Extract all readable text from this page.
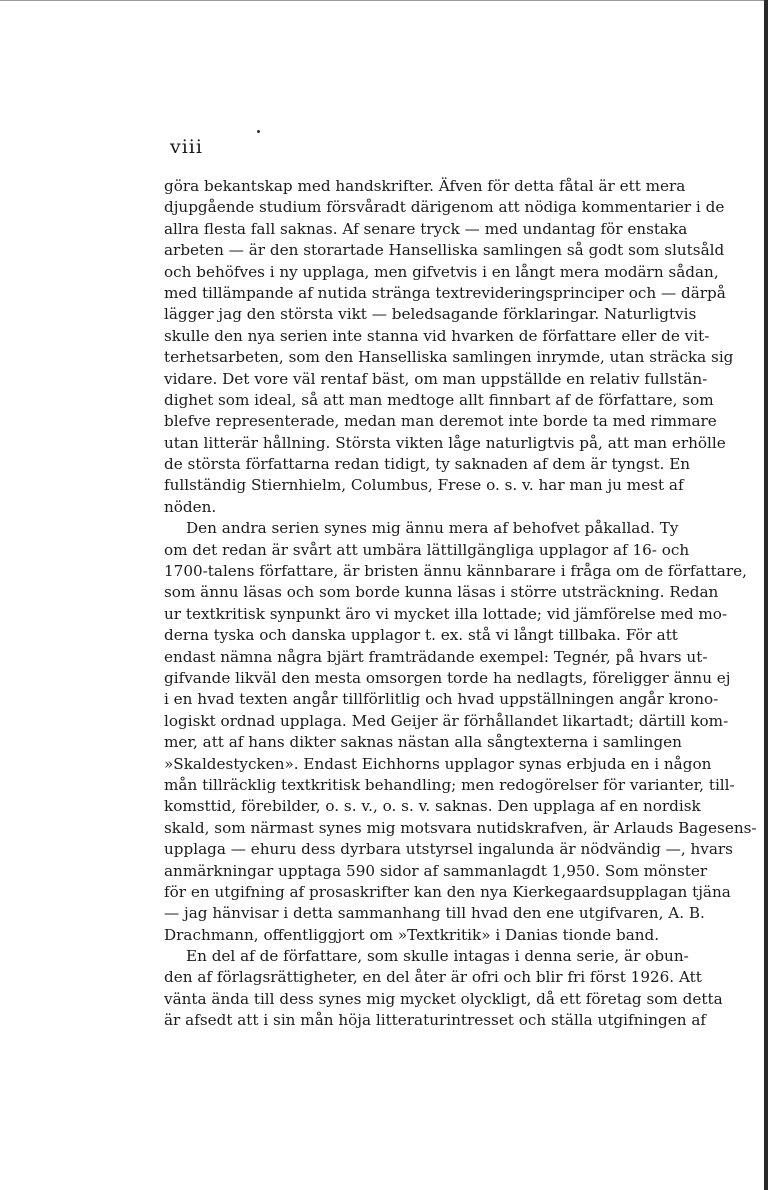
viii
göra bekantskap med handskrifter. Äfven för detta fåtal är ett mera
djupgående studium försvåradt därigenom att nödiga kommentarier i de
allra flesta fall saknas. Af senare tryck — med undantag för enstaka
arbeten — är den storartade Hanselliska samlingen så godt som slutsåld
och behöfves i ny upplaga, men gifvetvis i en långt mera modärn sådan,
med tillämpande af nutida stränga textrevideringsprinciper och — därpå
lägger jag den största vikt — beledsagande förklaringar. Naturligtvis
skulle den nya serien inte stanna vid hvarken de författare eller de vit-
terhetsarbeten, som den Hanselliska samlingen inrymde, utan sträcka sig
vidare. Det vore väl rentaf bäst, om man uppställde en relativ fullstän-
dighet som ideal, så att man medtoge allt finnbart af de författare, som
blefve representerade, medan man deremot inte borde ta med rimmare
utan litterär hållning. Största vikten låge naturligtvis på, att man erhölle
de största författarna redan tidigt, ty saknaden af dem är tyngst. En
fullständig Stiernhielm, Columbus, Frese o. s. v. har man ju mest af
nöden.
Den andra serien synes mig ännu mera af behofvet påkallad. Ty
om det redan är svårt att umbära lättillgängliga upplagor af 16- och
1700-talens författare, är bristen ännu kännbarare i fråga om de författare,
som ännu läsas och som borde kunna läsas i större utsträckning. Redan
ur textkritisk synpunkt äro vi mycket illa lottade; vid jämförelse med mo-
derna tyska och danska upplagor t. ex. stå vi långt tillbaka. För att
endast nämna några bjärt framträdande exempel: Tegnér, på hvars ut-
gifvande likväl den mesta omsorgen torde ha nedlagts, föreligger ännu ej
i en hvad texten angår tillförlitlig och hvad uppställningen angår krono-
logiskt ordnad upplaga. Med Geijer är förhållandet likartadt; därtill kom-
mer, att af hans dikter saknas nästan alla sångtexterna i samlingen
»Skaldestycken». Endast Eichhorns upplagor synas erbjuda en i någon
mån tillräcklig textkritisk behandling; men redogörelser för varianter, till-
komsttid, förebilder, o. s. v., o. s. v. saknas. Den upplaga af en nordisk
skald, som närmast synes mig motsvara nutidskrafven, är Arlauds Bagesens-
upplaga — ehuru dess dyrbara utstyrsel ingalunda är nödvändig —, hvars
anmärkningar upptaga 590 sidor af sammanlagdt 1,950. Som mönster
för en utgifning af prosaskrifter kan den nya Kierkegaardsupplagan tjäna
— jag hänvisar i detta sammanhang till hvad den ene utgifvaren, A. B.
Drachmann, offentliggjort om »Textkritik» i Danias tionde band.
En del af de författare, som skulle intagas i denna serie, är obun-
den af förlagsrättigheter, en del åter är ofri och blir fri först 1926. Att
vänta ända till dess synes mig mycket olyckligt, då ett företag som detta
är afsedt att i sin mån höja litteraturintresset och ställa utgifningen af
